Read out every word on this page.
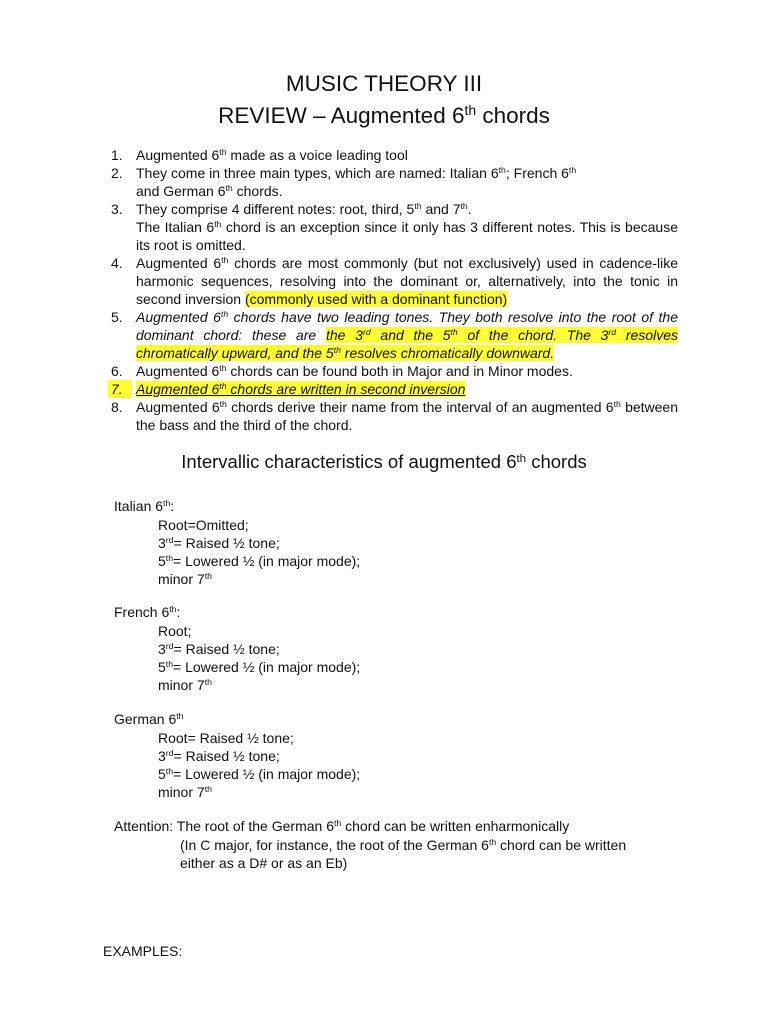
MUSIC THEORY III
REVIEW – Augmented 6th chords
1. Augmented 6th made as a voice leading tool
2. They come in three main types, which are named: Italian 6th; French 6th
and German 6th chords.
3. They comprise 4 different notes: root, third, 5th and 7th.

The Italian 6th chord is an exception since it only has 3 different notes. This is because its root is omitted.
4. Augmented 6th chords are most commonly (but not exclusively) used in cadence-like harmonic sequences, resolving into the dominant or, alternatively, into the tonic in second inversion (commonly used with a dominant function)
5. Augmented 6th chords have two leading tones. They both resolve into the root of the dominant chord: these are the 3rd and the 5th of the chord. The 3rd resolves chromatically upward, and the 5th resolves chromatically downward.
6. Augmented 6th chords can be found both in Major and in Minor modes.
7. Augmented 6th chords are written in second inversion
8. Augmented 6th chords derive their name from the interval of an augmented 6th between the bass and the third of the chord.
Intervallic characteristics of augmented 6th chords
Italian 6th:
Root=Omitted;
3rd= Raised ½ tone;
5th= Lowered ½ (in major mode);
minor 7th
French 6th:
Root;
3rd= Raised ½ tone;
5th= Lowered ½ (in major mode);
minor 7th
German 6th
Root= Raised ½ tone;
3rd= Raised ½ tone;
5th= Lowered ½ (in major mode);
minor 7th
Attention: The root of the German 6th chord can be written enharmonically
(In C major, for instance, the root of the German 6th chord can be written
either as a D# or as an Eb)
EXAMPLES:
